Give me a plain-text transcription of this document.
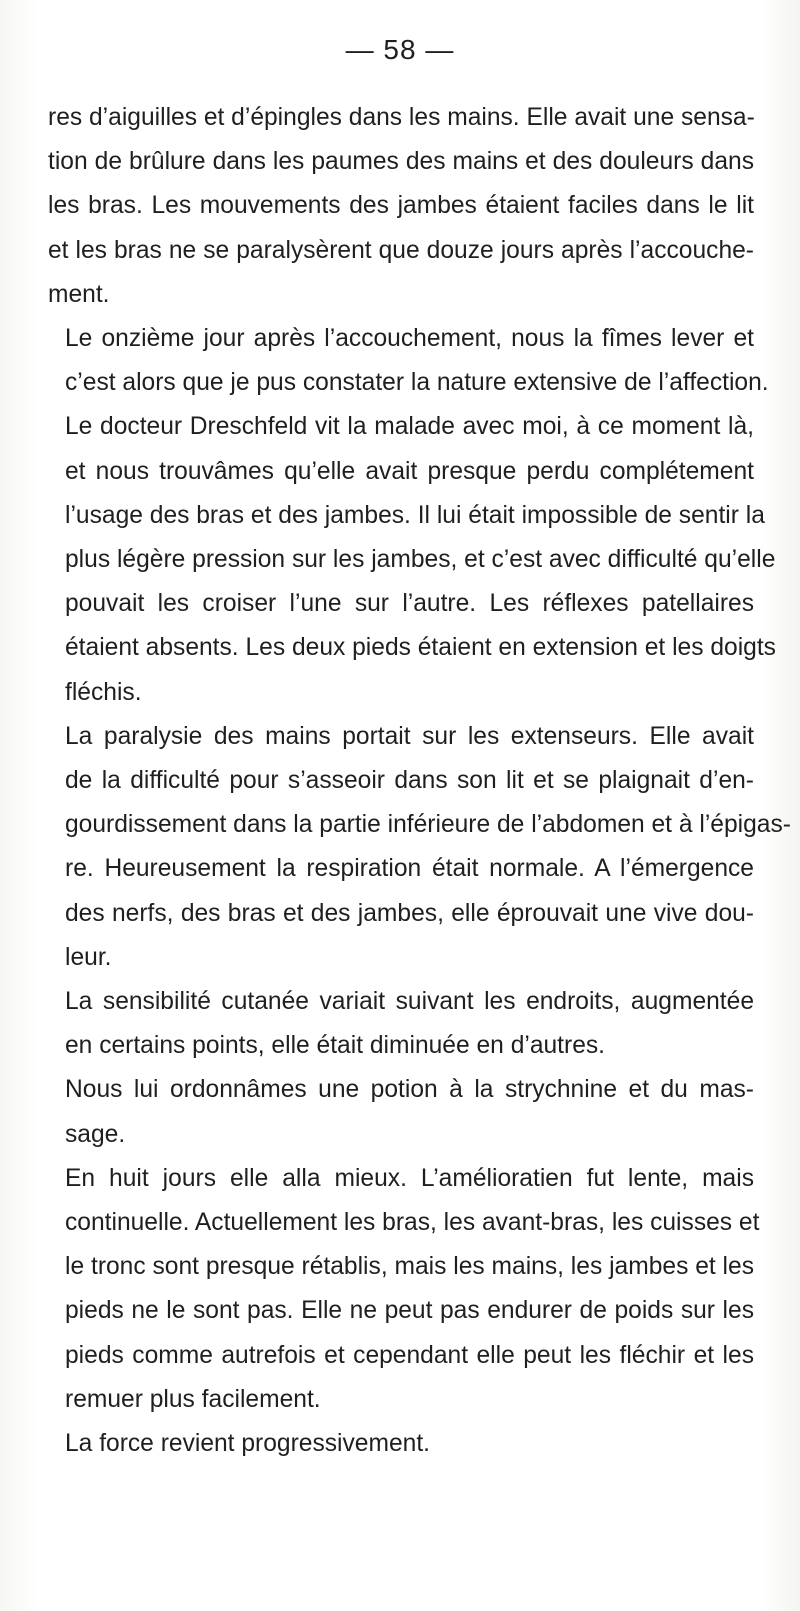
— 58 —

res d’aiguilles et d’épingles dans les mains. Elle avait une sensa-
tion de brûlure dans les paumes des mains et des douleurs dans
les bras. Les mouvements des jambes étaient faciles dans le lit
et les bras ne se paralysèrent que douze jours après l’accouche-
ment.

Le onzième jour après l’accouchement, nous la fîmes lever et
c’est alors que je pus constater la nature extensive de l’affection.
Le docteur Dreschfeld vit la malade avec moi, à ce moment là,
et nous trouvâmes qu’elle avait presque perdu complétement
l’usage des bras et des jambes. Il lui était impossible de sentir la
plus légère pression sur les jambes, et c’est avec difficulté qu’elle
pouvait les croiser l’une sur l’autre. Les réflexes patellaires
étaient absents. Les deux pieds étaient en extension et les doigts
fléchis.

La paralysie des mains portait sur les extenseurs. Elle avait
de la difficulté pour s’asseoir dans son lit et se plaignait d’en-
gourdissement dans la partie inférieure de l’abdomen et à l’épigas-
re. Heureusement la respiration était normale. A l’émergence
des nerfs, des bras et des jambes, elle éprouvait une vive dou-
leur.

La sensibilité cutanée variait suivant les endroits, augmentée
en certains points, elle était diminuée en d’autres.

Nous lui ordonnâmes une potion à la strychnine et du mas-
sage.

En huit jours elle alla mieux. L’amélioratien fut lente, mais
continuelle. Actuellement les bras, les avant-bras, les cuisses et
le tronc sont presque rétablis, mais les mains, les jambes et les
pieds ne le sont pas. Elle ne peut pas endurer de poids sur les
pieds comme autrefois et cependant elle peut les fléchir et les
remuer plus facilement.

La force revient progressivement.
